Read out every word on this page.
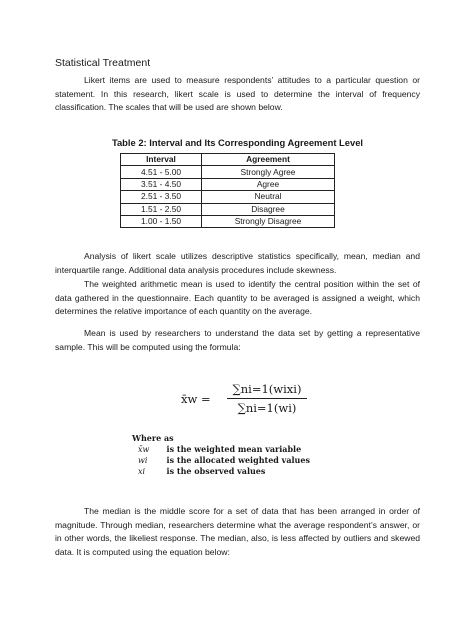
Statistical Treatment

Likert items are used to measure respondents’ attitudes to a particular question or statement. In this research, likert scale is used to determine the interval of frequency classification. The scales that will be used are shown below.

Table 2: Interval and Its Corresponding Agreement Level
Interval	Agreement
4.51 - 5.00	Strongly Agree
3.51 - 4.50	Agree
2.51 - 3.50	Neutral
1.51 - 2.50	Disagree
1.00 - 1.50	Strongly Disagree

Analysis of likert scale utilizes descriptive statistics specifically, mean, median and interquartile range. Additional data analysis procedures include skewness.

The weighted arithmetic mean is used to identify the central position within the set of data gathered in the questionnaire. Each quantity to be averaged is assigned a weight, which determines the relative importance of each quantity on the average.

Mean is used by researchers to understand the data set by getting a representative sample. This will be computed using the formula:

x̄w =
∑ni=1(wixi)
∑ni=1(wi)
Where as
x̄w is the weighted mean variable
wi is the allocated weighted values
xi	is the observed values

The median is the middle score for a set of data that has been arranged in order of magnitude. Through median, researchers determine what the average respondent’s answer, or in other words, the likeliest response. The median, also, is less affected by outliers and skewed data. It is computed using the equation below:
